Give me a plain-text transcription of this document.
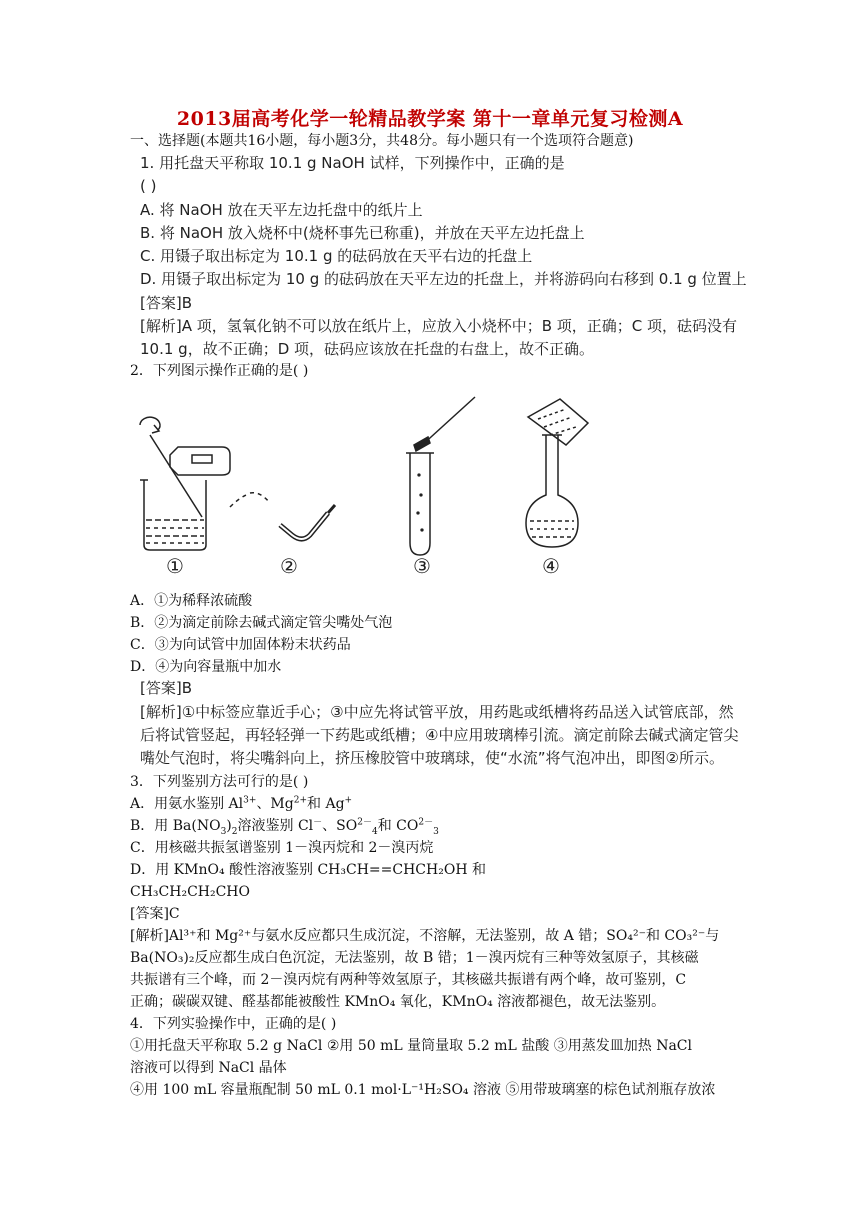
2013届高考化学一轮精品教学案 第十一章单元复习检测A
一、选择题(本题共16小题，每小题3分，共48分。每小题只有一个选项符合题意)
1. 用托盘天平称取 10.1 g NaOH 试样，下列操作中，正确的是
( )
A. 将 NaOH 放在天平左边托盘中的纸片上
B. 将 NaOH 放入烧杯中(烧杯事先已称重)，并放在天平左边托盘上
C. 用镊子取出标定为 10.1 g 的砝码放在天平右边的托盘上
D. 用镊子取出标定为 10 g 的砝码放在天平左边的托盘上，并将游码向右移到 0.1 g 位置上
[答案]B
[解析]A 项，氢氧化钠不可以放在纸片上，应放入小烧杯中；B 项，正确；C 项，砝码没有
10.1 g，故不正确；D 项，砝码应该放在托盘的右盘上，故不正确。
2．下列图示操作正确的是( )
①	②	③	④
A．①为稀释浓硫酸
B．②为滴定前除去碱式滴定管尖嘴处气泡
C．③为向试管中加固体粉末状药品
D．④为向容量瓶中加水
[答案]B
[解析]①中标签应靠近手心；③中应先将试管平放，用药匙或纸槽将药品送入试管底部，然
后将试管竖起，再轻轻弹一下药匙或纸槽；④中应用玻璃棒引流。滴定前除去碱式滴定管尖
嘴处气泡时，将尖嘴斜向上，挤压橡胶管中玻璃球，使“水流”将气泡冲出，即图②所示。
3．下列鉴别方法可行的是( )
A．用氨水鉴别 $Al^{3+}$、$Mg^{2+}$和 Ag+
B．用 $Ba(NO_3)_2$溶液鉴别 Cl－、$SO^{2-}_4$和 $CO^{2-}_3$
C．用核磁共振氢谱鉴别 1－溴丙烷和 2－溴丙烷
D．用 KMnO₄ 酸性溶液鉴别 CH₃CH==CHCH₂OH 和
CH₃CH₂CH₂CHO
[答案]C
[解析]Al³⁺和 Mg²⁺与氨水反应都只生成沉淀，不溶解，无法鉴别，故 A 错；SO₄²⁻和 CO₃²⁻与
Ba(NO₃)₂反应都生成白色沉淀，无法鉴别，故 B 错；1－溴丙烷有三种等效氢原子，其核磁
共振谱有三个峰，而 2－溴丙烷有两种等效氢原子，其核磁共振谱有两个峰，故可鉴别，C
正确；碳碳双键、醛基都能被酸性 KMnO₄ 氧化，KMnO₄ 溶液都褪色，故无法鉴别。
4．下列实验操作中，正确的是( )
①用托盘天平称取 5.2 g NaCl ②用 50 mL 量筒量取 5.2 mL 盐酸 ③用蒸发皿加热 NaCl
溶液可以得到 NaCl 晶体
④用 100 mL 容量瓶配制 50 mL 0.1 mol·L⁻¹H₂SO₄ 溶液 ⑤用带玻璃塞的棕色试剂瓶存放浓
